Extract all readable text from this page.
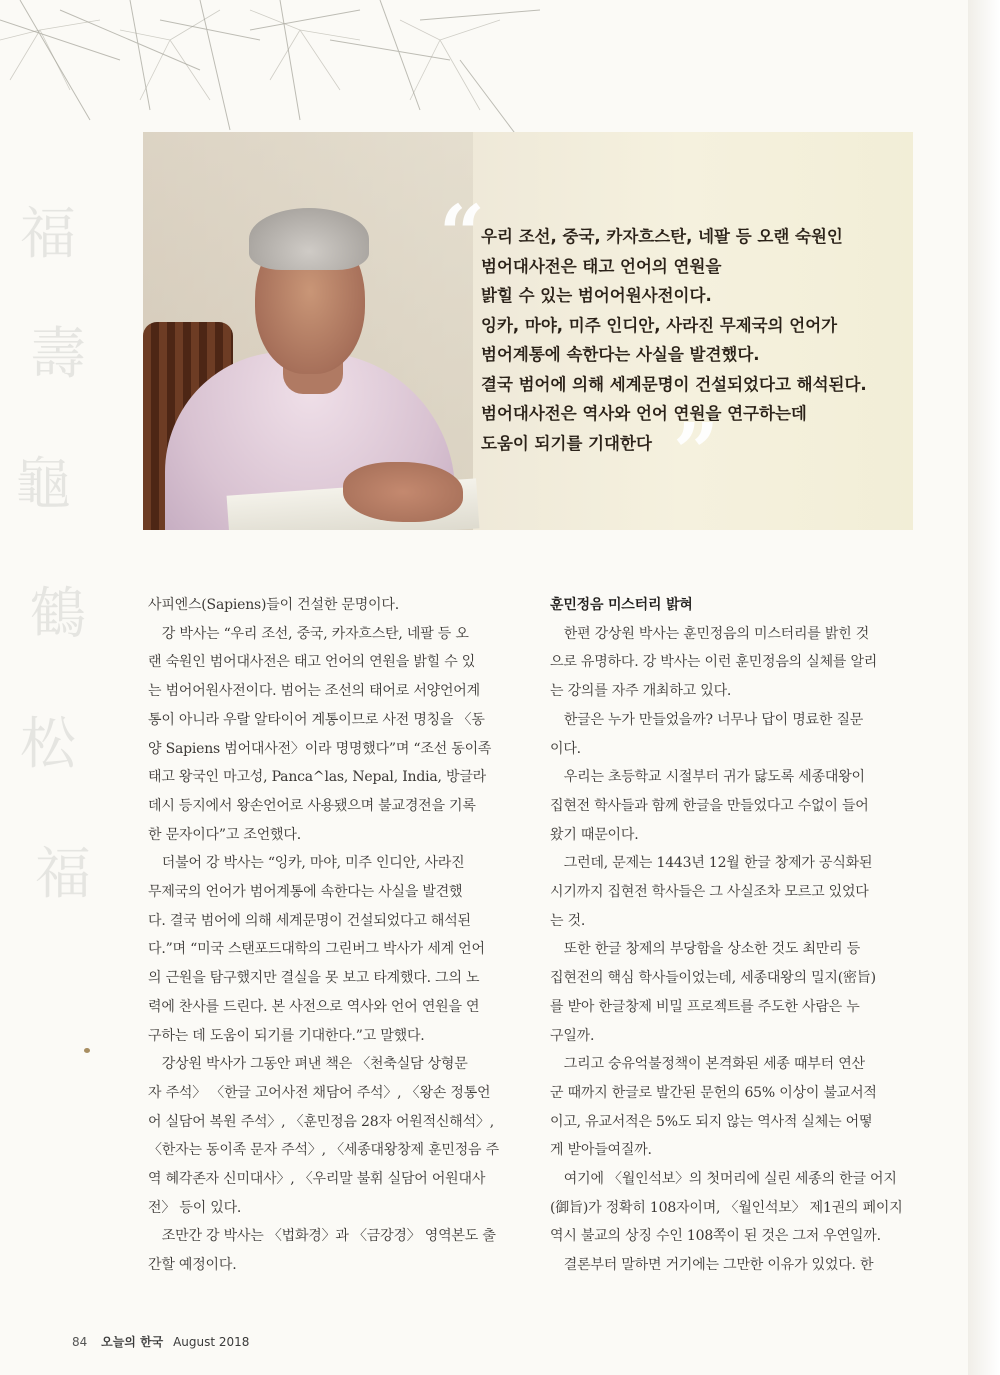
福
壽
龜
鶴
松
福
“
우리 조선, 중국, 카자흐스탄, 네팔 등 오랜 숙원인
범어대사전은 태고 언어의 연원을
밝힐 수 있는 범어어원사전이다.
잉카, 마야, 미주 인디안, 사라진 무제국의 언어가
범어계통에 속한다는 사실을 발견했다.
결국 범어에 의해 세계문명이 건설되었다고 해석된다.
범어대사전은 역사와 언어 연원을 연구하는데
도움이 되기를 기대한다 ”
사피엔스(Sapiens)들이 건설한 문명이다.
　강 박사는 “우리 조선, 중국, 카자흐스탄, 네팔 등 오
랜 숙원인 범어대사전은 태고 언어의 연원을 밝힐 수 있
는 범어어원사전이다. 범어는 조선의 태어로 서양언어계
통이 아니라 우랄 알타이어 계통이므로 사전 명칭을 〈동
양 Sapiens 범어대사전〉이라 명명했다”며 “조선 동이족
태고 왕국인 마고성, Panca^las, Nepal, India, 방글라
데시 등지에서 왕손언어로 사용됐으며 불교경전을 기록
한 문자이다”고 조언했다.
　더불어 강 박사는 “잉카, 마야, 미주 인디안, 사라진
무제국의 언어가 범어계통에 속한다는 사실을 발견했
다. 결국 범어에 의해 세계문명이 건설되었다고 해석된
다.”며 “미국 스탠포드대학의 그린버그 박사가 세계 언어
의 근원을 탐구했지만 결실을 못 보고 타계했다. 그의 노
력에 찬사를 드린다. 본 사전으로 역사와 언어 연원을 연
구하는 데 도움이 되기를 기대한다.”고 말했다.
　강상원 박사가 그동안 펴낸 책은 〈천축실담 상형문
자 주석〉 〈한글 고어사전 채담어 주석〉, 〈왕손 정통언
어 실담어 복원 주석〉, 〈훈민정음 28자 어원적신해석〉,
〈한자는 동이족 문자 주석〉, 〈세종대왕창제 훈민정음 주
역 혜각존자 신미대사〉, 〈우리말 불휘 실담어 어원대사
전〉 등이 있다.
　조만간 강 박사는 〈법화경〉과 〈금강경〉 영역본도 출
간할 예정이다.
훈민정음 미스터리 밝혀
　한편 강상원 박사는 훈민정음의 미스터리를 밝힌 것
으로 유명하다. 강 박사는 이런 훈민정음의 실체를 알리
는 강의를 자주 개최하고 있다.
　한글은 누가 만들었을까? 너무나 답이 명료한 질문
이다.
　우리는 초등학교 시절부터 귀가 닳도록 세종대왕이
집현전 학사들과 함께 한글을 만들었다고 수없이 들어
왔기 때문이다.
　그런데, 문제는 1443년 12월 한글 창제가 공식화된
시기까지 집현전 학사들은 그 사실조차 모르고 있었다
는 것.
　또한 한글 창제의 부당함을 상소한 것도 최만리 등
집현전의 핵심 학사들이었는데, 세종대왕의 밀지(密旨)
를 받아 한글창제 비밀 프로젝트를 주도한 사람은 누
구일까.
　그리고 숭유억불정책이 본격화된 세종 때부터 연산
군 때까지 한글로 발간된 문헌의 65% 이상이 불교서적
이고, 유교서적은 5%도 되지 않는 역사적 실체는 어떻
게 받아들여질까.
　여기에 〈월인석보〉의 첫머리에 실린 세종의 한글 어지
(御旨)가 정확히 108자이며, 〈월인석보〉 제1권의 페이지
역시 불교의 상징 수인 108쪽이 된 것은 그저 우연일까.
　결론부터 말하면 거기에는 그만한 이유가 있었다. 한
84 오늘의 한국 August 2018
